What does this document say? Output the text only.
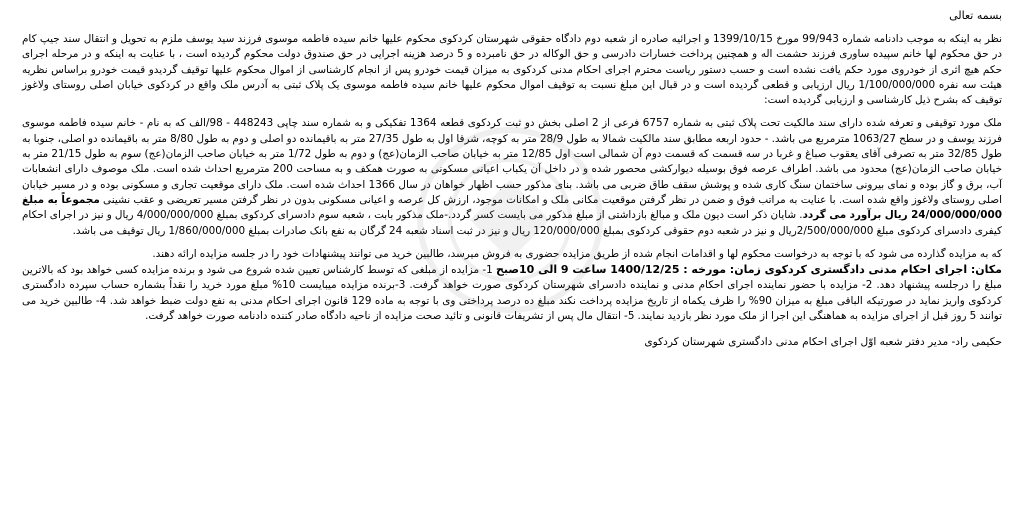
بسمه تعالی

نظر به اینکه به موجب دادنامه شماره 99/943 مورخ 1399/10/15 و اجرائیه صادره از شعبه دوم دادگاه حقوقی شهرستان کردکوی محکوم علیها خانم سیده فاطمه موسوی فرزند سید یوسف ملزم به تحویل و انتقال سند جیپ کام در حق محکوم لها خانم سپیده ساوری فرزند حشمت اله و همچنین پرداخت خسارات دادرسی و حق الوکاله در حق نامبرده و 5 درصد هزینه اجرایی در حق صندوق دولت محکوم گردیده است ، با عنایت به اینکه و در مرحله اجرای حکم هیچ اثری از خودروی مورد حکم یافت نشده است و حسب دستور ریاست محترم اجرای احکام مدنی کردکوی به میزان قیمت خودرو پس از انجام کارشناسی از اموال محکوم علیها توقیف گردیدو قیمت خودرو براساس نظریه هیئت سه نفره 1/100/000/000 ریال ارزیابی و قطعی گردیده است و در قبال این مبلغ نسبت به توقیف اموال محکوم علیها خانم سیده فاطمه موسوی یک پلاک ثبتی به آدرس ملک واقع در کردکوی خیابان اصلی روستای ولاغوز توقیف که بشرح ذیل کارشناسی و ارزیابی گردیده است:

ملک مورد توقیفی و تعرفه شده دارای سند مالکیت تحت پلاک ثبتی به شماره 6757 فرعی از 2 اصلی بخش دو ثبت کردکوی قطعه 1364 تفکیکی و به شماره سند چاپی 448243 - 98/الف که به نام - خانم سیده فاطمه موسوی فرزند یوسف و در سطح 1063/27 مترمربع می باشد. - حدود اربعه مطابق سند مالکیت شمالا به طول 28/9 متر به کوچه، شرقا اول به طول 27/35 متر به باقیمانده دو اصلی و دوم به طول 8/80 متر به باقیمانده دو اصلی، جنوبا به طول 32/85 متر به تصرفی آقای یعقوب صباغ و غربا در سه قسمت که قسمت دوم آن شمالی است اول 12/85 متر به خیابان صاحب الزمان(عج) و دوم به طول 1/72 متر به خیابان صاحب الزمان(عج) سوم به طول 21/15 متر به خیابان صاحب الزمان(عج) محدود می باشد. اطراف عرصه فوق بوسیله دیوارکشی محصور شده و در داخل آن یکباب اعیانی مسکونی به صورت همکف و به مساحت 200 مترمربع احداث شده است. ملک موصوف دارای انشعابات آب، برق و گاز بوده و نمای بیرونی ساختمان سنگ کاری شده و پوشش سقف طاق ضربی می باشد. بنای مذکور حسب اظهار خواهان در سال 1366 احداث شده است. ملک دارای موقعیت تجاری و مسکونی بوده و در مسیر خیابان اصلی روستای ولاغوز واقع شده است. با عنایت به مراتب فوق و ضمن در نظر گرفتن موقعیت مکانی ملک و امکانات موجود، ارزش کل عرصه و اعیانی مسکونی بدون در نظر گرفتن مسیر تعریضی و عقب نشینی مجموعاً به مبلغ 24/000/000/000 ریال برآورد می گردد. شایان ذکر است دیون ملک و مبالغ بازداشتی از مبلغ مذکور می بایست کسر گردد.-ملک مذکور بابت ، شعبه سوم دادسرای کردکوی بمبلغ 4/000/000/000 ریال و نیز در اجرای احکام کیفری دادسرای کردکوی مبلغ 2/500/000/000ریال و نیز در شعبه دوم حقوقی کردکوی بمبلغ 120/000/000 ریال و نیز در ثبت اسناد شعبه 24 گرگان به نفع بانک صادرات بمبلغ 1/860/000/000 ریال توقیف می باشد.

که به مزایده گذارده می شود که با توجه به درخواست محکوم لها و اقدامات انجام شده از طریق مزایده حضوری به فروش میرسد، طالبین خرید می توانند پیشنهادات خود را در جلسه مزایده ارائه دهند.
مکان: اجرای احکام مدنی دادگستری کردکوی زمان: مورخه : 1400/12/25 ساعت 9 الی 10صبح 1- مزایده از مبلغی که توسط کارشناس تعیین شده شروع می شود و برنده مزایده کسی خواهد بود که بالاترین مبلغ را درجلسه پیشنهاد دهد. 2- مزایده با حضور نماینده اجرای احکام مدنی و نماینده دادسرای شهرستان کردکوی صورت خواهد گرفت. 3-برنده مزایده میبایست 10% مبلغ مورد خرید را نقداً بشماره حساب سپرده دادگستری کردکوی واریز نماید در صورتیکه الباقی مبلغ به میزان 90% را ظرف یکماه از تاریخ مزایده پرداخت نکند مبلغ ده درصد پرداختی وی با توجه به ماده 129 قانون اجرای احکام مدنی به نفع دولت ضبط خواهد شد. 4- طالبین خرید می توانند 5 روز قبل از اجرای مزایده به هماهنگی این اجرا از ملک مورد نظر بازدید نمایند. 5- انتقال مال پس از تشریفات قانونی و تائید صحت مزایده از ناحیه دادگاه صادر کننده دادنامه صورت خواهد گرفت.

حکیمی راد- مدیر دفتر شعبه اوّل اجرای احکام مدنی دادگستری شهرستان کردکوی
